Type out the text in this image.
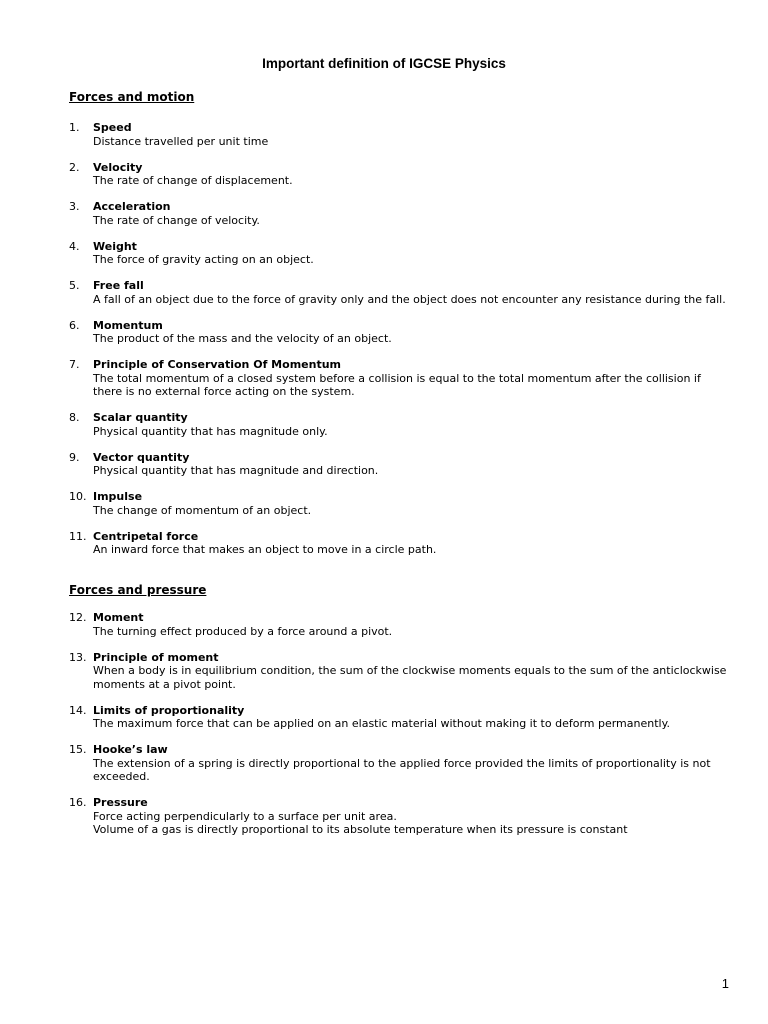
Important definition of IGCSE Physics
Forces and motion
1. Speed
Distance travelled per unit time
2. Velocity
The rate of change of displacement.
3. Acceleration
The rate of change of velocity.
4. Weight
The force of gravity acting on an object.
5. Free fall
A fall of an object due to the force of gravity only and the object does not encounter any resistance during the fall.
6. Momentum
The product of the mass and the velocity of an object.
7. Principle of Conservation Of Momentum
The total momentum of a closed system before a collision is equal to the total momentum after the collision if there is no external force acting on the system.
8. Scalar quantity
Physical quantity that has magnitude only.
9. Vector quantity
Physical quantity that has magnitude and direction.
10. Impulse
The change of momentum of an object.
11. Centripetal force
An inward force that makes an object to move in a circle path.
Forces and pressure
12. Moment
The turning effect produced by a force around a pivot.
13. Principle of moment
When a body is in equilibrium condition, the sum of the clockwise moments equals to the sum of the anticlockwise moments at a pivot point.
14. Limits of proportionality
The maximum force that can be applied on an elastic material without making it to deform permanently.
15. Hooke’s law
The extension of a spring is directly proportional to the applied force provided the limits of proportionality is not exceeded.
16. Pressure
Force acting perpendicularly to a surface per unit area.
Volume of a gas is directly proportional to its absolute temperature when its pressure is constant
1
